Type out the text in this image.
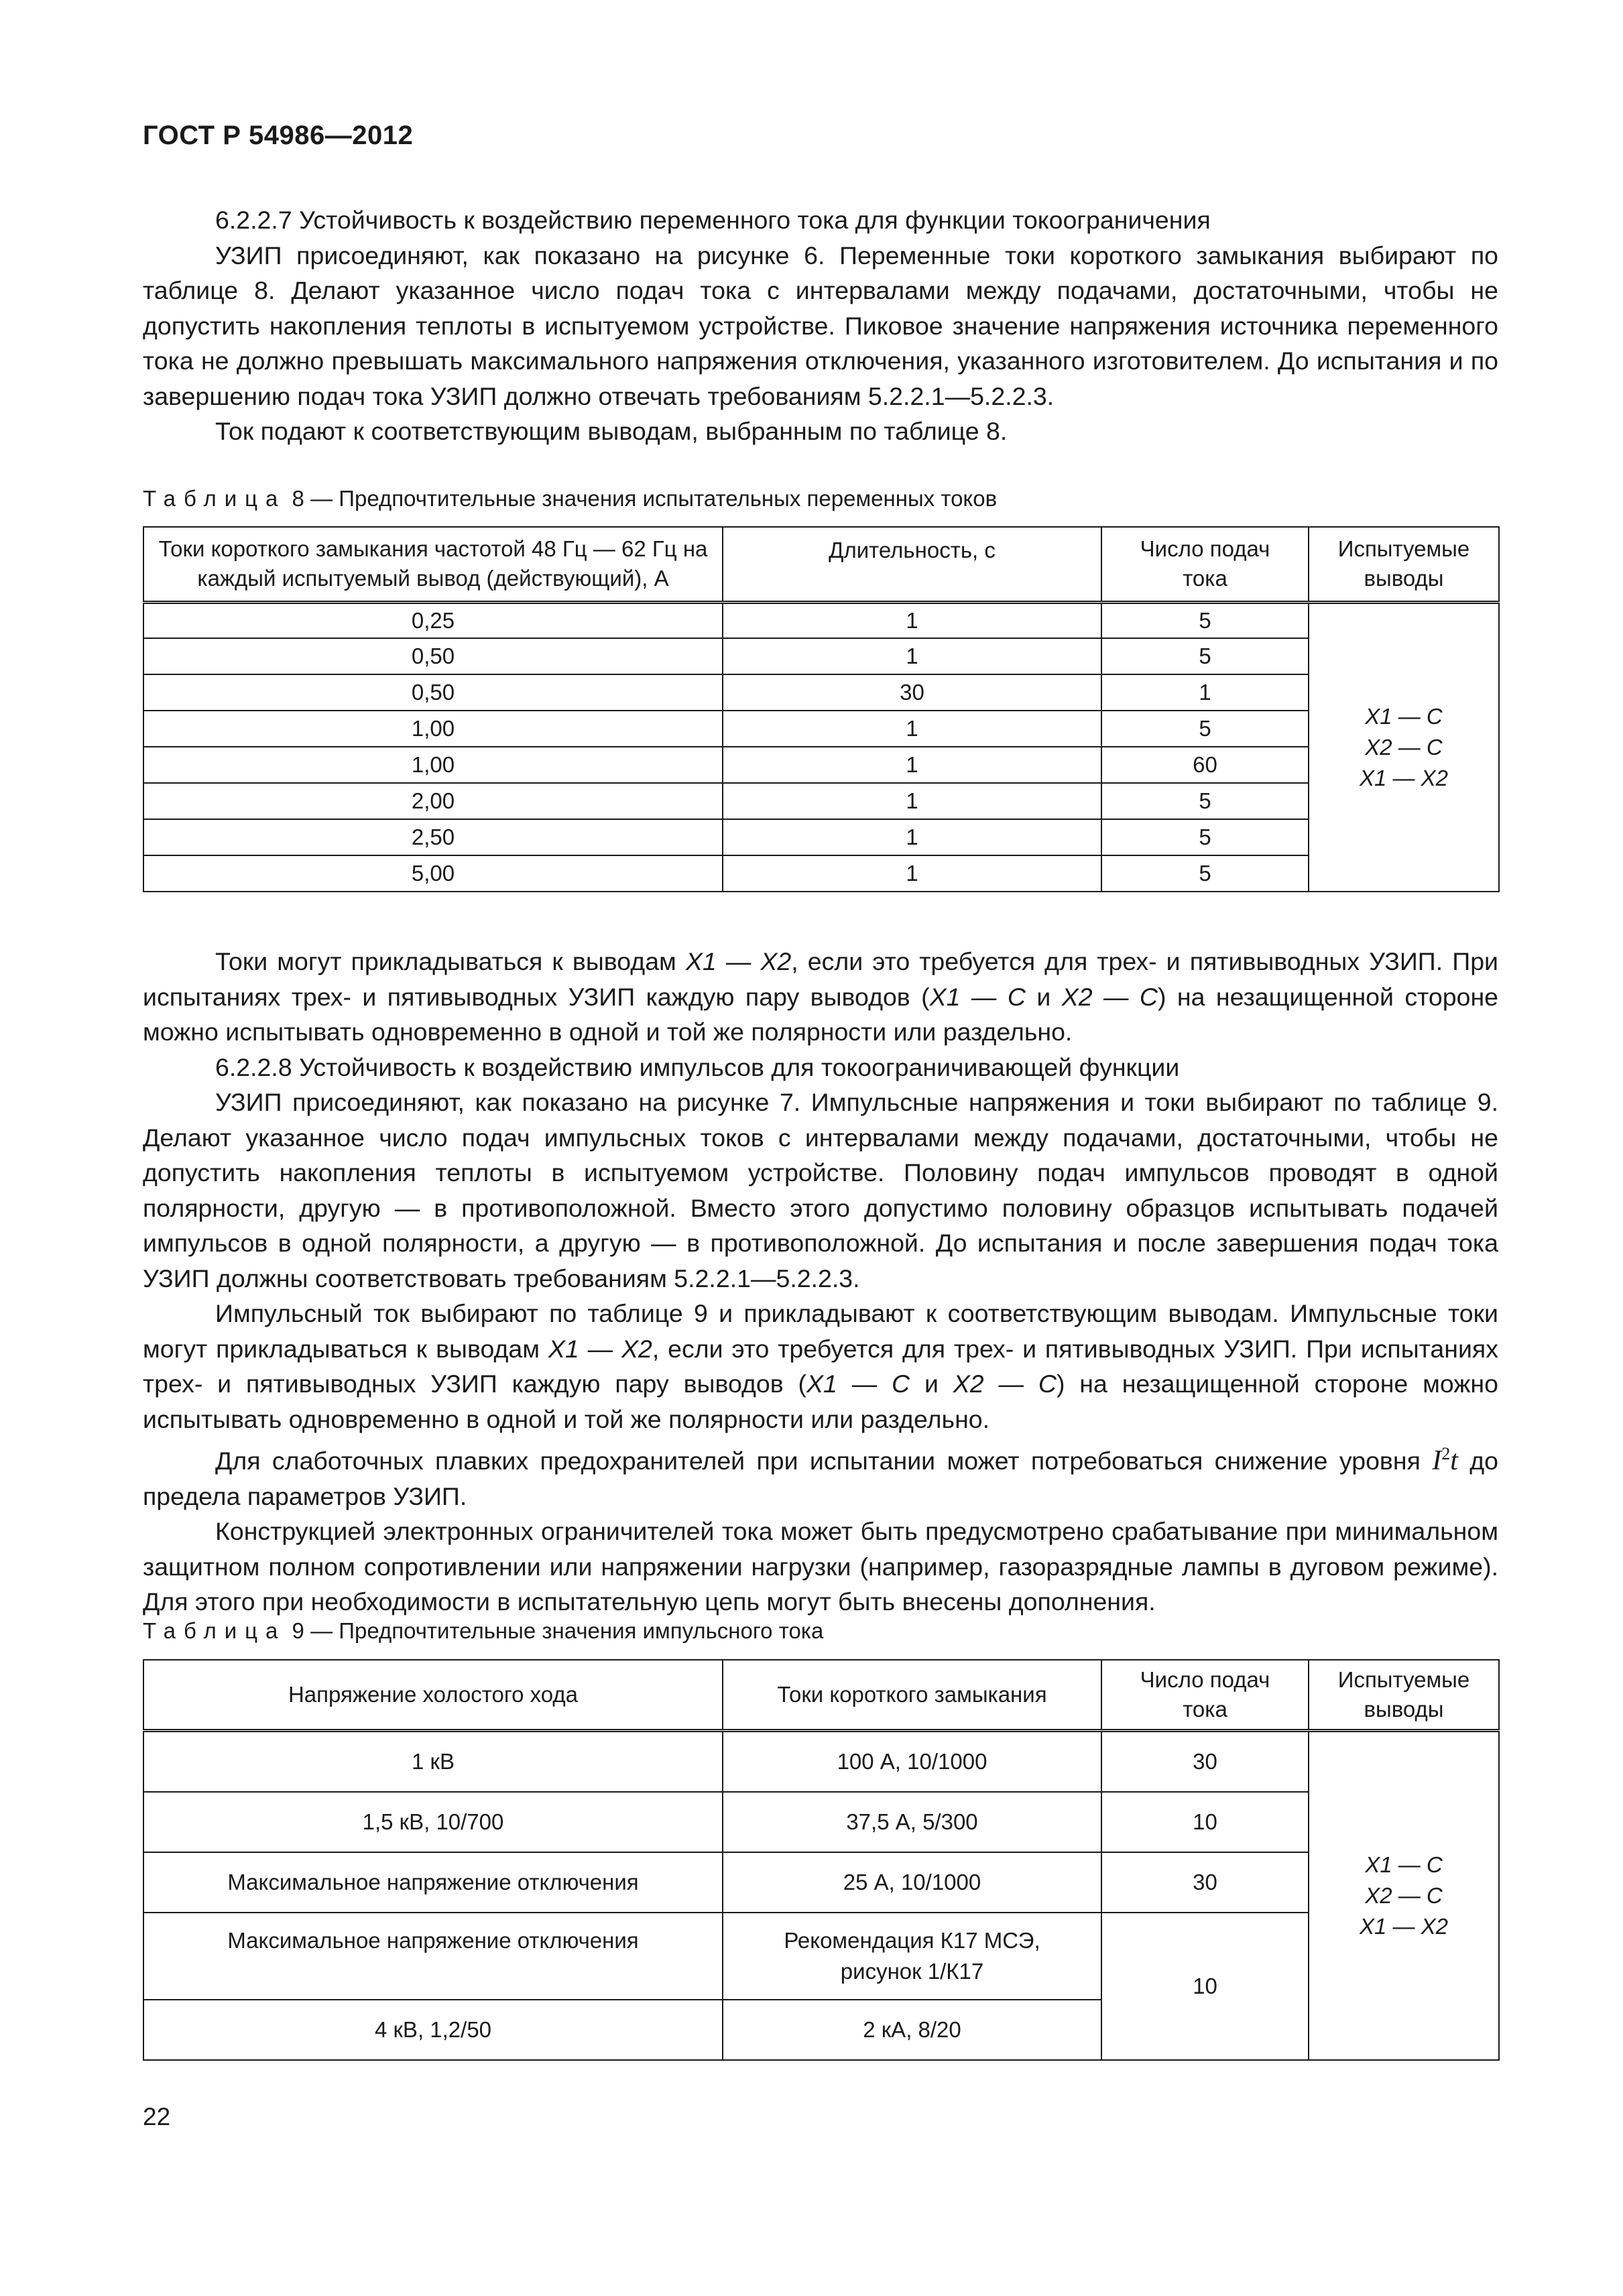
ГОСТ Р 54986—2012

6.2.2.7 Устойчивость к воздействию переменного тока для функции токоограничения

УЗИП присоединяют, как показано на рисунке 6. Переменные токи короткого замыкания выбирают по таблице 8. Делают указанное число подач тока с интервалами между подачами, достаточными, чтобы не допустить накопления теплоты в испытуемом устройстве. Пиковое значение напряжения источника переменного тока не должно превышать максимального напряжения отключения, указанного изготовителем. До испытания и по завершению подач тока УЗИП должно отвечать требованиям 5.2.2.1—5.2.2.3.

Ток подают к соответствующим выводам, выбранным по таблице 8.

Таблица 8 — Предпочтительные значения испытательных переменных токов
Токи короткого замыкания частотой 48 Гц — 62 Гц на каждый испытуемый вывод (действующий), А	Длительность, с	Число подач тока	Испытуемые выводы
0,25	1	5	X1 — C
X2 — C
X1 — X2

0,50	1	5	
0,50	30	1	
1,00	1	5	
1,00	1	60	
2,00	1	5	
2,50	1	5	
5,00	1	5	

Токи могут прикладываться к выводам X1 — X2, если это требуется для трех- и пятивыводных УЗИП. При испытаниях трех- и пятивыводных УЗИП каждую пару выводов (X1 — C и X2 — C) на незащищенной стороне можно испытывать одновременно в одной и той же полярности или раздельно.

6.2.2.8 Устойчивость к воздействию импульсов для токоограничивающей функции

УЗИП присоединяют, как показано на рисунке 7. Импульсные напряжения и токи выбирают по таблице 9. Делают указанное число подач импульсных токов с интервалами между подачами, достаточными, чтобы не допустить накопления теплоты в испытуемом устройстве. Половину подач импульсов проводят в одной полярности, другую — в противоположной. Вместо этого допустимо половину образцов испытывать подачей импульсов в одной полярности, а другую — в противоположной. До испытания и после завершения подач тока УЗИП должны соответствовать требованиям 5.2.2.1—5.2.2.3.

Импульсный ток выбирают по таблице 9 и прикладывают к соответствующим выводам. Импульсные токи могут прикладываться к выводам X1 — X2, если это требуется для трех- и пятивыводных УЗИП. При испытаниях трех- и пятивыводных УЗИП каждую пару выводов (X1 — C и X2 — C) на незащищенной стороне можно испытывать одновременно в одной и той же полярности или раздельно.

Для слаботочных плавких предохранителей при испытании может потребоваться снижение уровня $I^2t$ до предела параметров УЗИП.

Конструкцией электронных ограничителей тока может быть предусмотрено срабатывание при минимальном защитном полном сопротивлении или напряжении нагрузки (например, газоразрядные лампы в дуговом режиме). Для этого при необходимости в испытательную цепь могут быть внесены дополнения.

Таблица 9 — Предпочтительные значения импульсного тока
Напряжение холостого хода	Токи короткого замыкания	Число подач тока	Испытуемые выводы
1 кВ	100 А, 10/1000	30	X1 — C
X2 — C
X1 — X2

1,5 кВ, 10/700	37,5 А, 5/300	10	
Максимальное напряжение отключения	25 А, 10/1000	30	
Максимальное напряжение отключения	Рекомендация К17 МСЭ, рисунок 1/К17	10	
4 кВ, 1,2/50	2 кА, 8/20		
22
